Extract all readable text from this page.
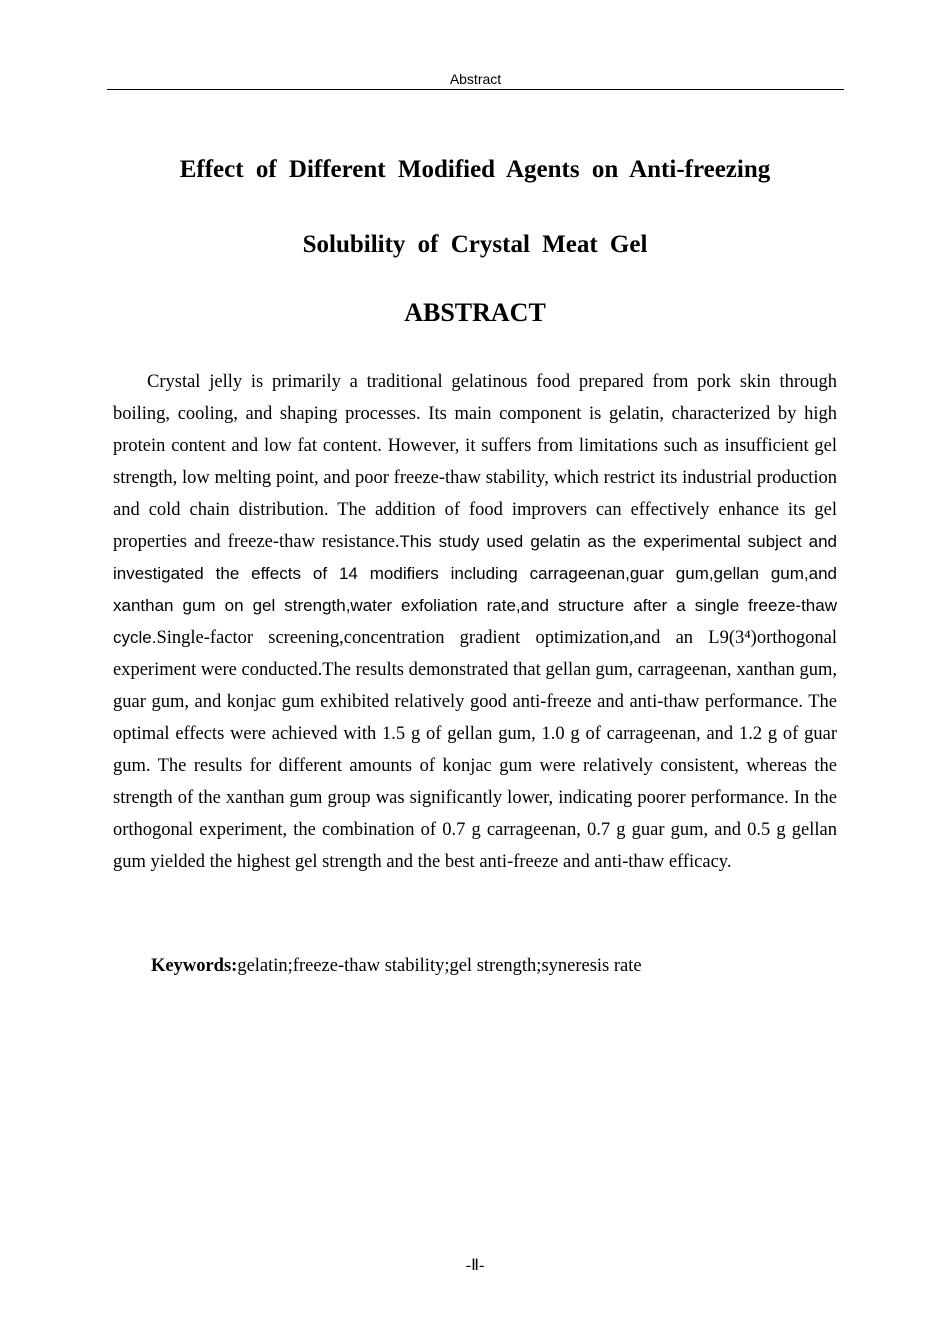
Abstract
Effect of Different Modified Agents on Anti-freezing
Solubility of Crystal Meat Gel
ABSTRACT

Crystal jelly is primarily a traditional gelatinous food prepared from pork skin through boiling, cooling, and shaping processes. Its main component is gelatin, characterized by high protein content and low fat content. However, it suffers from limitations such as insufficient gel strength, low melting point, and poor freeze-thaw stability, which restrict its industrial production and cold chain distribution. The addition of food improvers can effectively enhance its gel properties and freeze-thaw resistance.This study used gelatin as the experimental subject and investigated the effects of 14 modifiers including carrageenan,guar gum,gellan gum,and xanthan gum on gel strength,water exfoliation rate,and structure after a single freeze-thaw cycle.Single-factor screening,concentration gradient optimization,and an L9(3⁴)orthogonal experiment were conducted.The results demonstrated that gellan gum, carrageenan, xanthan gum, guar gum, and konjac gum exhibited relatively good anti-freeze and anti-thaw performance. The optimal effects were achieved with 1.5 g of gellan gum, 1.0 g of carrageenan, and 1.2 g of guar gum. The results for different amounts of konjac gum were relatively consistent, whereas the strength of the xanthan gum group was significantly lower, indicating poorer performance. In the orthogonal experiment, the combination of 0.7 g carrageenan, 0.7 g guar gum, and 0.5 g gellan gum yielded the highest gel strength and the best anti-freeze and anti-thaw efficacy.

Keywords:gelatin;freeze-thaw stability;gel strength;syneresis rate

-Ⅱ-
